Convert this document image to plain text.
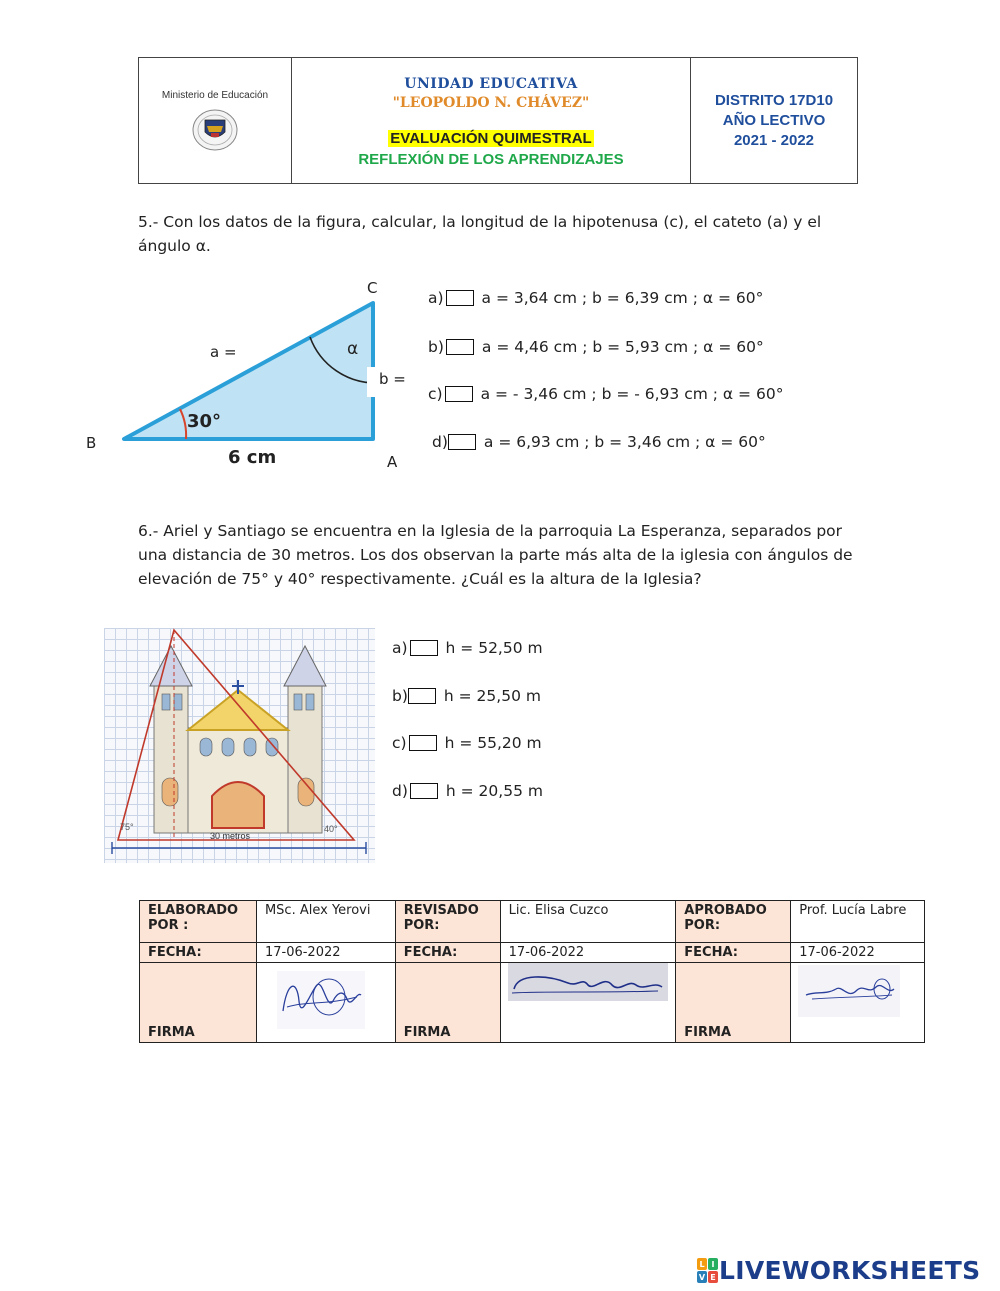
Ministerio de Educación
UNIDAD EDUCATIVA
"LEOPOLDO N. CHÁVEZ"
EVALUACIÓN QUIMESTRAL
REFLEXIÓN DE LOS APRENDIZAJES
DISTRITO 17D10
AÑO LECTIVO
2021 - 2022
5.- Con los datos de la figura, calcular, la longitud de la hipotenusa (c), el cateto (a) y el ángulo α.
C
B
A
a =
b =
α
30°
6 cm
a) a = 3,64 cm ; b = 6,39 cm ; α = 60°
b) a = 4,46 cm ; b = 5,93 cm ; α = 60°
c) a = - 3,46 cm ; b = - 6,93 cm ; α = 60°
d) a = 6,93 cm ; b = 3,46 cm ; α = 60°
6.- Ariel y Santiago se encuentra en la Iglesia de la parroquia La Esperanza, separados por una distancia de 30 metros. Los dos observan la parte más alta de la iglesia con ángulos de elevación de 75° y 40° respectivamente. ¿Cuál es la altura de la Iglesia?
75°	40°
30 metros
a) h = 52,50 m
b) h = 25,50 m
c) h = 55,20 m
d) h = 20,55 m
ELABORADO POR :	MSc. Alex Yerovi	REVISADO POR:	Lic. Elisa Cuzco	APROBADO POR:	Prof. Lucía Labre
FECHA:	17-06-2022	FECHA:	17-06-2022	FECHA:	17-06-2022
FIRMA		FIRMA		FIRMA	
L I
V E LIVEWORKSHEETS
